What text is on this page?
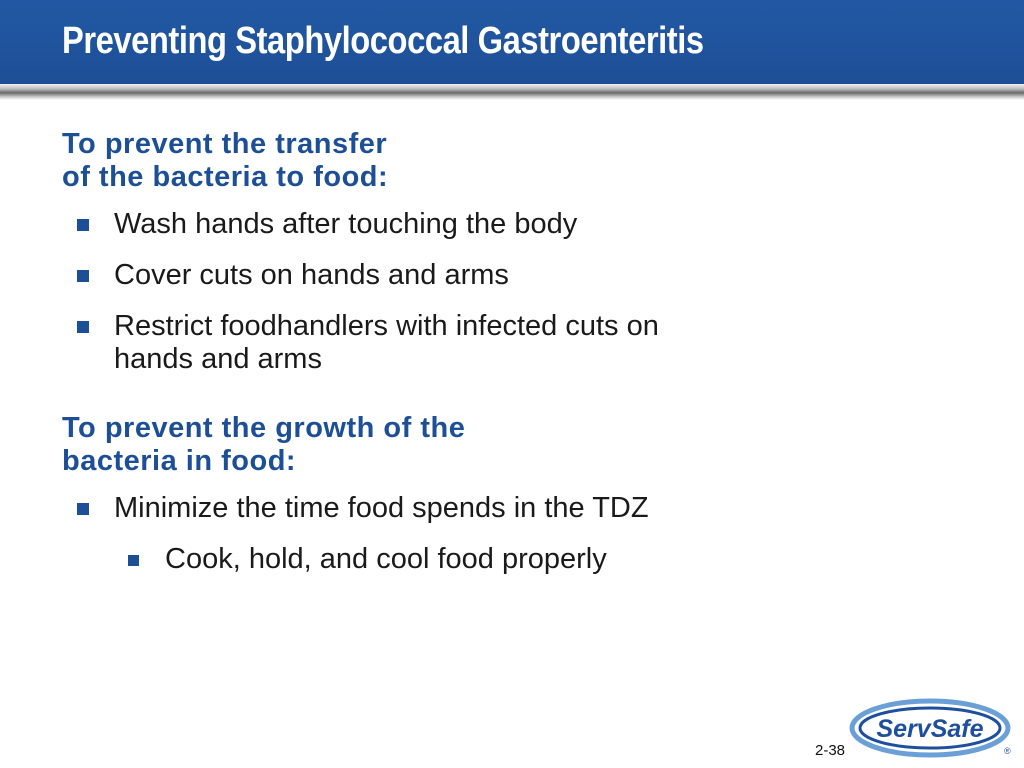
Preventing Staphylococcal Gastroenteritis
To prevent the transfer
of the bacteria to food:
Wash hands after touching the body
Cover cuts on hands and arms
Restrict foodhandlers with infected cuts on hands and arms
To prevent the growth of the
bacteria in food:
Minimize the time food spends in the TDZ
Cook, hold, and cool food properly
2-38
ServSafe
®
